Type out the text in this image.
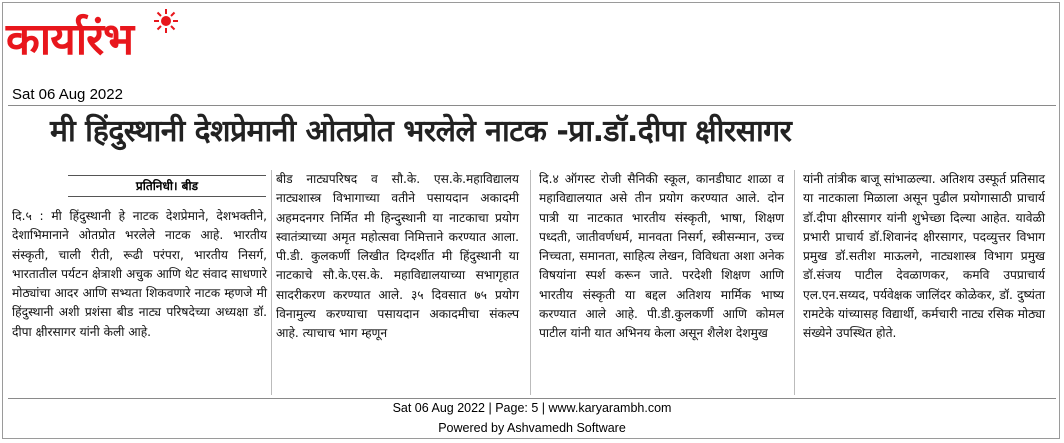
कार्यारंभ
Sat 06 Aug 2022
मी हिंदुस्थानी देशप्रेमानी ओतप्रोत भरलेले नाटक -प्रा.डॉ.दीपा क्षीरसागर
प्रतिनिधी। बीड
दि.५ : मी हिंदुस्थानी हे नाटक देशप्रेमाने, देशभक्तीने, देशाभिमानाने ओतप्रोत भरलेले नाटक आहे. भारतीय संस्कृती, चाली रीती, रूढी परंपरा, भारतीय निसर्ग, भारतातील पर्यटन क्षेत्राशी अचुक आणि थेट संवाद साधणारे मोठ्यांचा आदर आणि सभ्यता शिकवणारे नाटक म्हणजे मी हिंदुस्थानी अशी प्रशंसा बीड नाट्य परिषदेच्या अध्यक्षा डॉ. दीपा क्षीरसागर यांनी केली आहे.
बीड नाट्यपरिषद व सौ.के. एस.के.महाविद्यालय नाट्यशास्त्र विभागाच्या वतीने पसायदान अकादमी अहमदनगर निर्मित मी हिन्दुस्थानी या नाटकाचा प्रयोग स्वातंत्र्याच्या अमृत महोत्सवा निमित्ताने करण्यात आला. पी.डी. कुलकर्णी लिखीत दिग्दर्शीत मी हिंदुस्थानी या नाटकाचे सौ.के.एस.के. महाविद्यालयाच्या सभागृहात सादरीकरण करण्यात आले. ३५ दिवसात ७५ प्रयोग विनामुल्य करण्याचा पसायदान अकादमीचा संकल्प आहे. त्याचाच भाग म्हणून
दि.४ ऑगस्ट रोजी सैनिकी स्कूल, कानडीघाट शाळा व महाविद्यालयात असे तीन प्रयोग करण्यात आले. दोन पात्री या नाटकात भारतीय संस्कृती, भाषा, शिक्षण पध्दती, जातीवर्णधर्म, मानवता निसर्ग, स्त्रीसन्मान, उच्च निच्चता, समानता, साहित्य लेखन, विविधता अशा अनेक विषयांना स्पर्श करून जाते. परदेशी शिक्षण आणि भारतीय संस्कृती या बद्दल अतिशय मार्मिक भाष्य करण्यात आले आहे. पी.डी.कुलकर्णी आणि कोमल पाटील यांनी यात अभिनय केला असून शैलेश देशमुख
यांनी तांत्रीक बाजू सांभाळल्या. अतिशय उस्फूर्त प्रतिसाद या नाटकाला मिळाला असून पुढील प्रयोगासाठी प्राचार्य डॉ.दीपा क्षीरसागर यांनी शुभेच्छा दिल्या आहेत. यावेळी प्रभारी प्राचार्य डॉ.शिवानंद क्षीरसागर, पदव्युत्तर विभाग प्रमुख डॉ.सतीश माऊलगे, नाट्यशास्त्र विभाग प्रमुख डॉ.संजय पाटील देवळाणकर, कमवि उपप्राचार्य एल.एन.सय्यद, पर्यवेक्षक जालिंदर कोळेकर, डॉ. दुष्यंता रामटेके यांच्यासह विद्यार्थी, कर्मचारी नाट्य रसिक मोठ्या संख्येने उपस्थित होते.
Sat 06 Aug 2022 | Page: 5 | www.karyarambh.com
Powered by Ashvamedh Software
